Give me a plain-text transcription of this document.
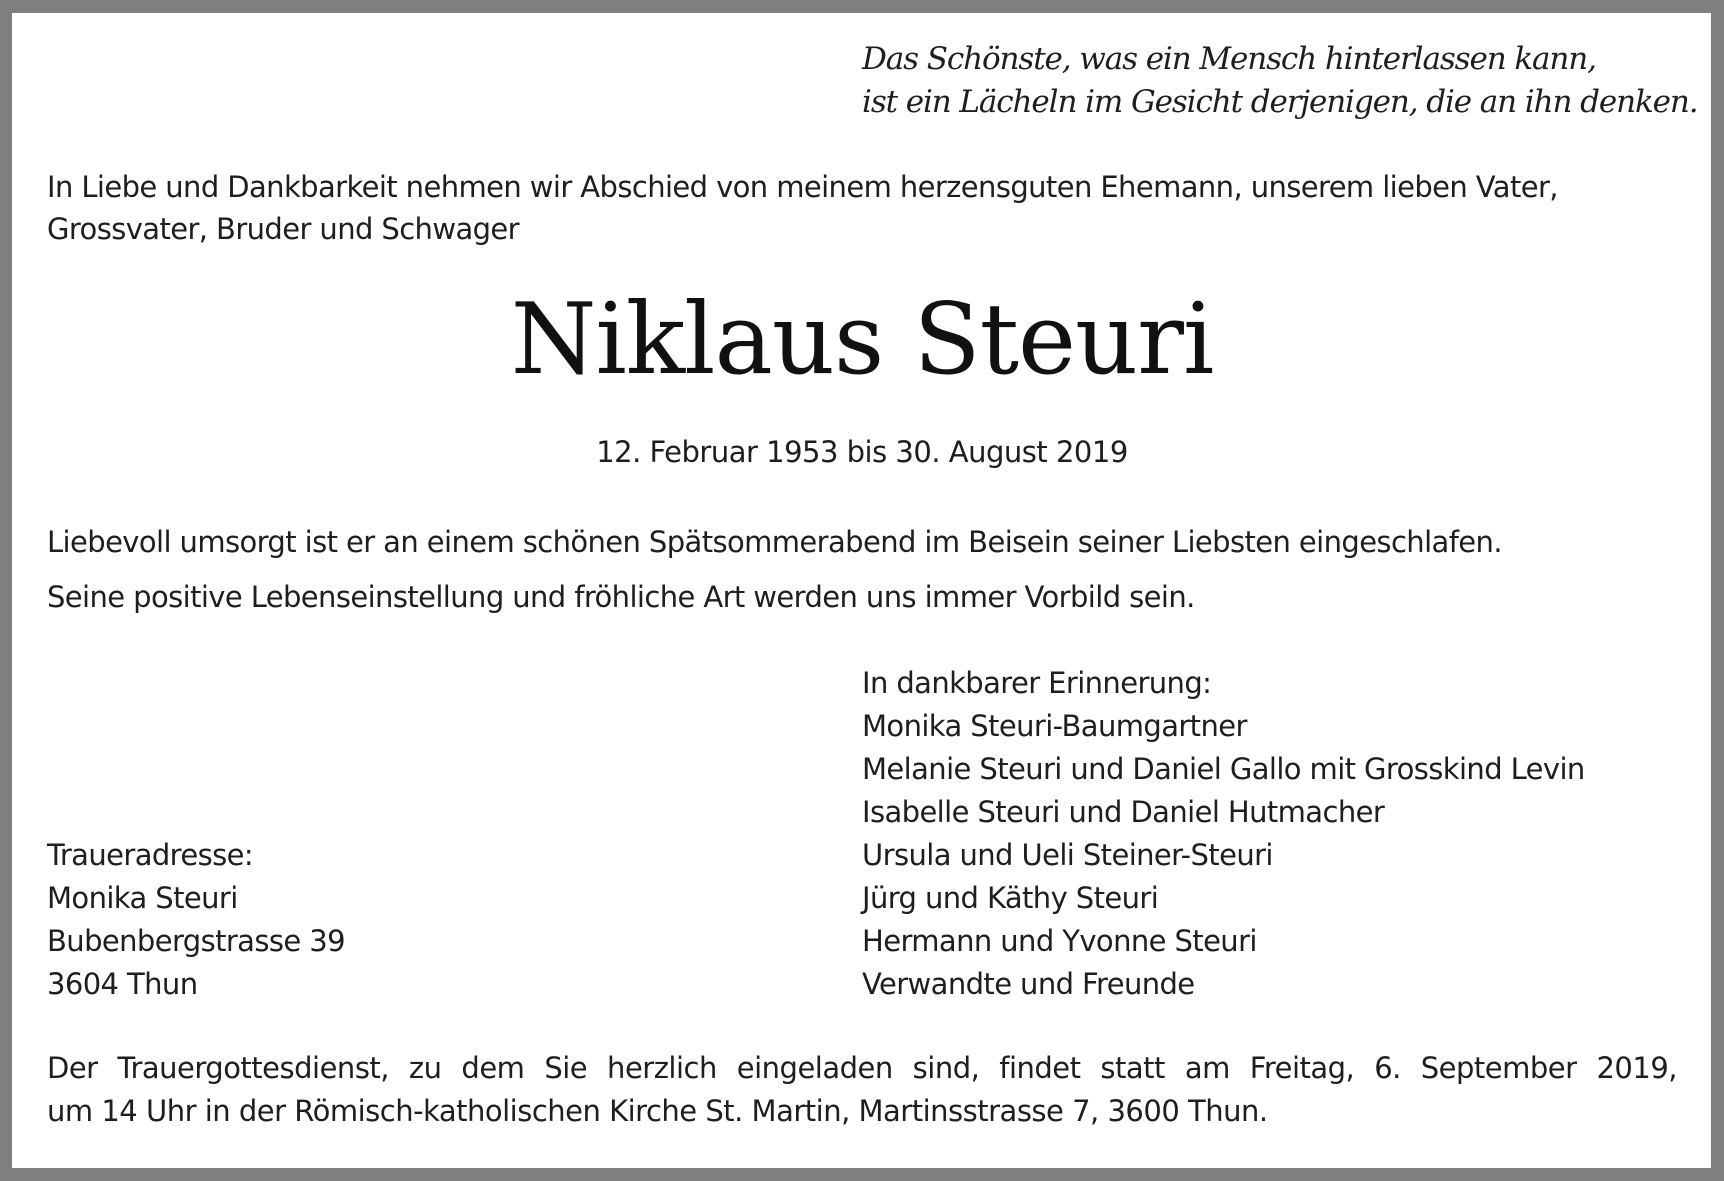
Das Schönste, was ein Mensch hinterlassen kann,
ist ein Lächeln im Gesicht derjenigen, die an ihn denken.
In Liebe und Dankbarkeit nehmen wir Abschied von meinem herzensguten Ehemann, unserem lieben Vater,
Grossvater, Bruder und Schwager
Niklaus Steuri
12. Februar 1953 bis 30. August 2019
Liebevoll umsorgt ist er an einem schönen Spätsommerabend im Beisein seiner Liebsten eingeschlafen.
Seine positive Lebenseinstellung und fröhliche Art werden uns immer Vorbild sein.
In dankbarer Erinnerung:
Monika Steuri-Baumgartner
Melanie Steuri und Daniel Gallo mit Grosskind Levin
Isabelle Steuri und Daniel Hutmacher
Ursula und Ueli Steiner-Steuri
Jürg und Käthy Steuri
Hermann und Yvonne Steuri
Verwandte und Freunde
Traueradresse:
Monika Steuri
Bubenbergstrasse 39
3604 Thun
Der Trauergottesdienst, zu dem Sie herzlich eingeladen sind, findet statt am Freitag, 6. September 2019,
um 14 Uhr in der Römisch-katholischen Kirche St. Martin, Martinsstrasse 7, 3600 Thun.
